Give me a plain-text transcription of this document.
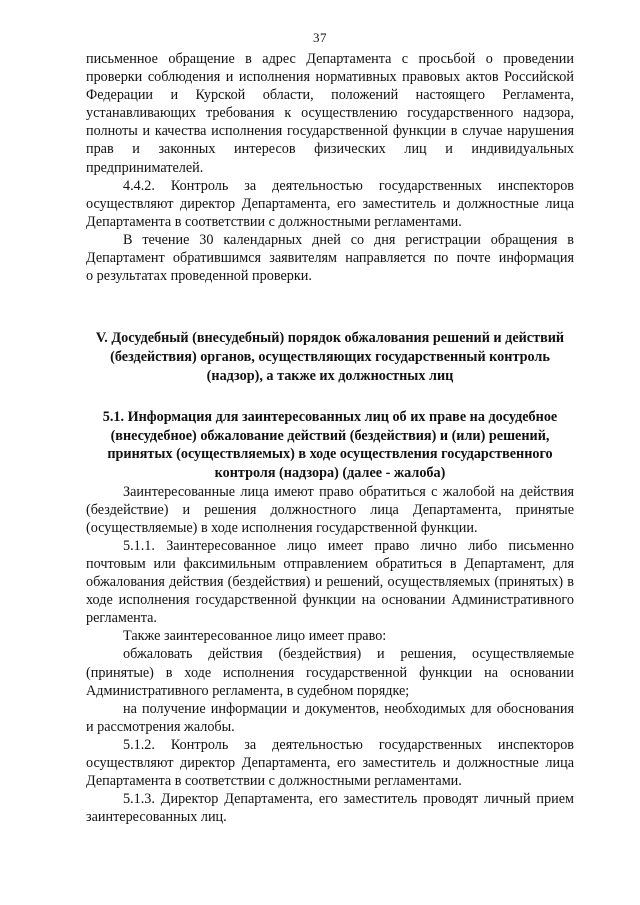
37

письменное обращение в адрес Департамента с просьбой о проведении проверки соблюдения и исполнения нормативных правовых актов Российской Федерации и Курской области, положений настоящего Регламента, устанавливающих требования к осуществлению государственного надзора, полноты и качества исполнения государственной функции в случае нарушения прав и законных интересов физических лиц и индивидуальных предпринимателей.

4.4.2. Контроль за деятельностью государственных инспекторов осуществляют директор Департамента, его заместитель и должностные лица Департамента в соответствии с должностными регламентами.

В течение 30 календарных дней со дня регистрации обращения в Департамент обратившимся заявителям направляется по почте информация

о результатах проведенной проверки.

V. Досудебный (внесудебный) порядок обжалования решений и действий (бездействия) органов, осуществляющих государственный контроль (надзор), а также их должностных лиц
5.1. Информация для заинтересованных лиц об их праве на досудебное (внесудебное) обжалование действий (бездействия) и (или) решений, принятых (осуществляемых) в ходе осуществления государственного контроля (надзора) (далее - жалоба)

Заинтересованные лица имеют право обратиться с жалобой на действия (бездействие) и решения должностного лица Департамента, принятые (осуществляемые) в ходе исполнения государственной функции.

5.1.1. Заинтересованное лицо имеет право лично либо письменно почтовым или факсимильным отправлением обратиться в Департамент, для обжалования действия (бездействия) и решений, осуществляемых (принятых) в ходе исполнения государственной функции на основании Административного регламента.

Также заинтересованное лицо имеет право:

обжаловать действия (бездействия) и решения, осуществляемые (принятые) в ходе исполнения государственной функции на основании Административного регламента, в судебном порядке;

на получение информации и документов, необходимых для обоснования

и рассмотрения жалобы.

5.1.2. Контроль за деятельностью государственных инспекторов осуществляют директор Департамента, его заместитель и должностные лица Департамента в соответствии с должностными регламентами.

5.1.3. Директор Департамента, его заместитель проводят личный прием заинтересованных лиц.
